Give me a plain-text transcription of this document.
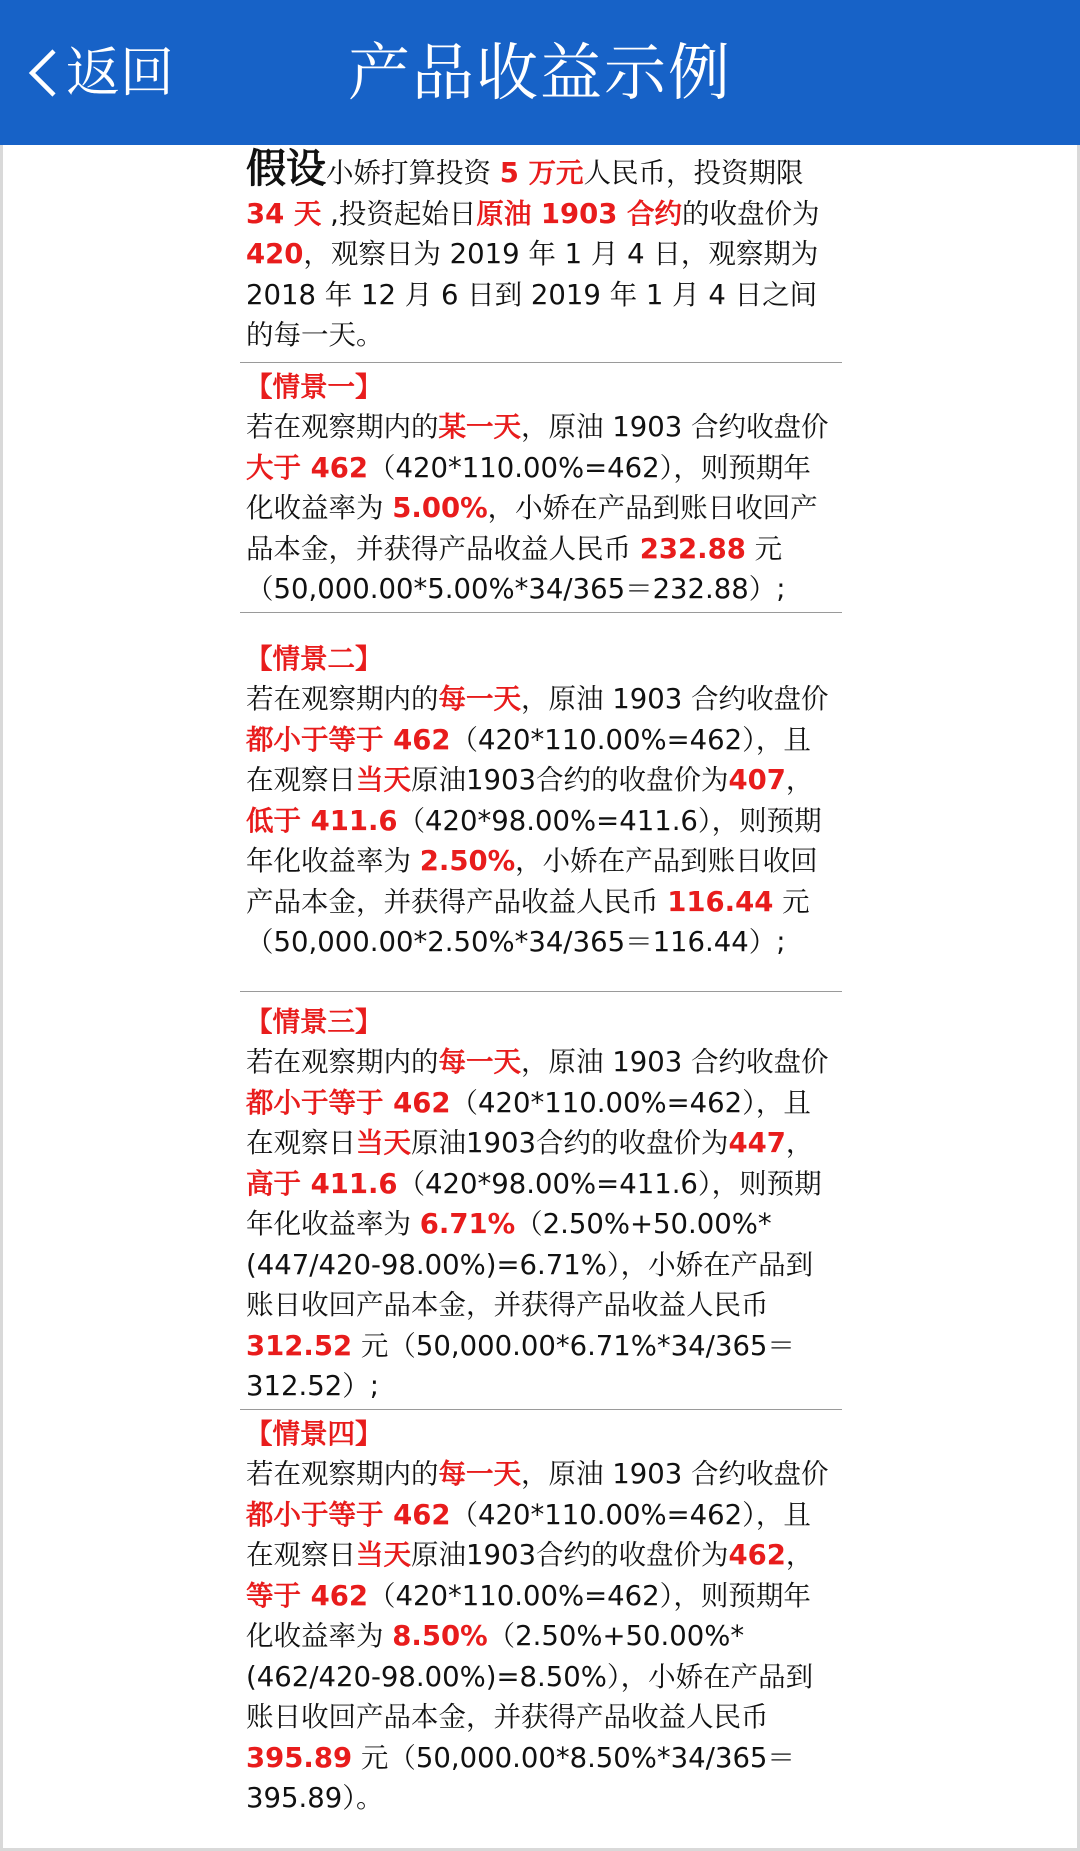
返回	产品收益示例
假设小娇打算投资 5 万元人民币，投资期限
34 天 ,投资起始日原油 1903 合约的收盘价为
420，观察日为 2019 年 1 月 4 日，观察期为2018 年 12 月 6 日到 2019 年 1 月 4 日之间的每一天。
【情景一】
若在观察期内的某一天，原油 1903 合约收盘价大于 462（420*110.00%=462），则预期年化收益率为 5.00%，小娇在产品到账日收回产品本金，并获得产品收益人民币 232.88 元（50,000.00*5.00%*34/365＝232.88）;
【情景二】
若在观察期内的每一天，原油 1903 合约收盘价都小于等于 462（420*110.00%=462），且在观察日当天原油1903合约的收盘价为407，低于 411.6（420*98.00%=411.6），则预期年化收益率为 2.50%，小娇在产品到账日收回产品本金，并获得产品收益人民币 116.44 元（50,000.00*2.50%*34/365＝116.44）;
【情景三】
若在观察期内的每一天，原油 1903 合约收盘价都小于等于 462（420*110.00%=462），且在观察日当天原油1903合约的收盘价为447，高于 411.6（420*98.00%=411.6），则预期年化收益率为 6.71%（2.50%+50.00%*(447/420-98.00%)=6.71%），小娇在产品到账日收回产品本金，并获得产品收益人民币 312.52 元（50,000.00*6.71%*34/365＝312.52）;
【情景四】
若在观察期内的每一天，原油 1903 合约收盘价都小于等于 462（420*110.00%=462），且在观察日当天原油1903合约的收盘价为462，等于 462（420*110.00%=462），则预期年化收益率为 8.50%（2.50%+50.00%*(462/420-98.00%)=8.50%），小娇在产品到账日收回产品本金，并获得产品收益人民币 395.89 元（50,000.00*8.50%*34/365＝395.89）。
